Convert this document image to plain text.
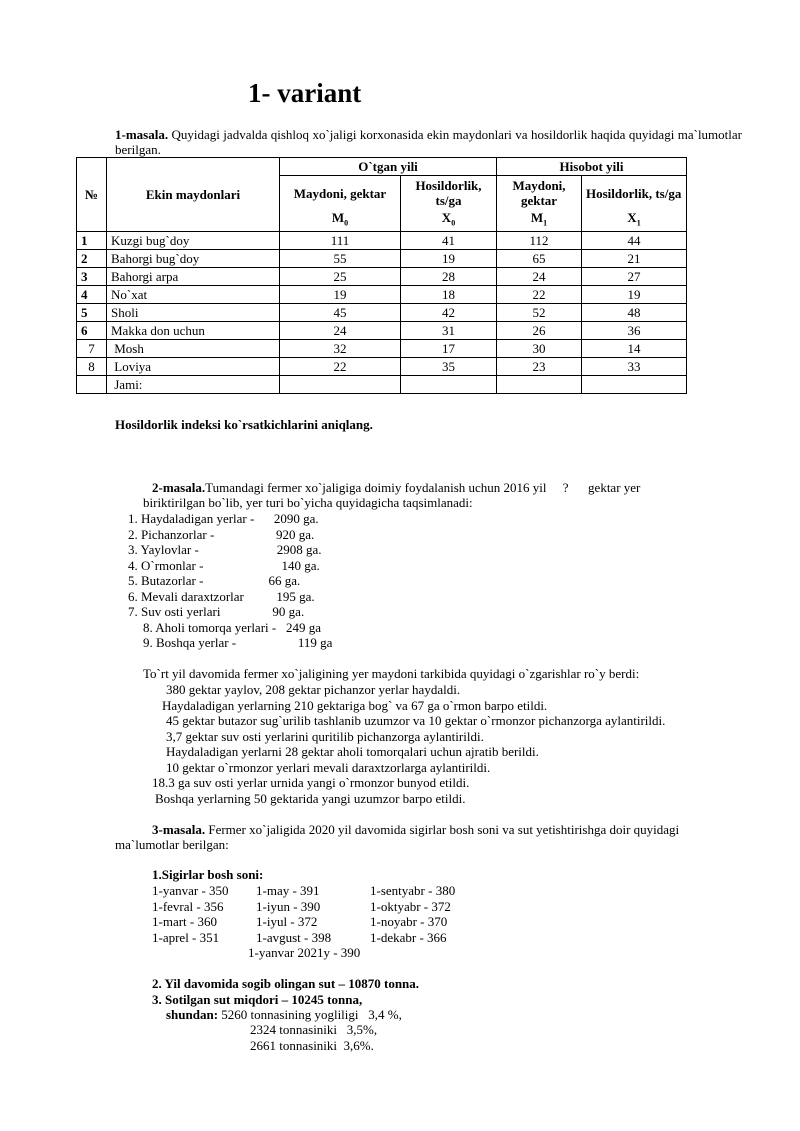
1- variant
1-masala. Quyidagi jadvalda qishloq xo`jaligi korxonasida ekin maydonlari va hosildorlik haqida quyidagi ma`lumotlar berilgan.
№	Ekin maydonlari	O`tgan yili		Hisobot yili	
		Maydoni, gektar	Hosildorlik, ts/ga	Maydoni, gektar	Hosildorlik, ts/ga
		$M_0$	$X_0$	$M_1$	$X_1$
1	Kuzgi bug`doy	111	41	112	44
2	Bahorgi bug`doy	55	19	65	21
3	Bahorgi arpa	25	28	24	27
4	No`xat	19	18	22	19
5	Sholi	45	42	52	48
6	Makka don uchun	24	31	26	36
7	Mosh	32	17	30	14
8	Loviya	22	35	23	33
	Jami:				
Hosildorlik indeksi ko`rsatkichlarini aniqlang.
2-masala.Tumandagi fermer xo`jaligiga doimiy foydalanish uchun 2016 yil     ?      gektar yer
biriktirilgan bo`lib, yer turi bo`yicha quyidagicha taqsimlanadi:
1. Haydaladigan yerlar -      2090 ga.
2. Pichanzorlar -                   920 ga.
3. Yaylovlar -                        2908 ga.
4. O`rmonlar -                        140 ga.
5. Butazorlar -                    66 ga.
6. Mevali daraxtzorlar          195 ga.
7. Suv osti yerlari                90 ga.
8. Aholi tomorqa yerlari -   249 ga
9. Boshqa yerlar -                   119 ga
To`rt yil davomida fermer xo`jaligining yer maydoni tarkibida quyidagi o`zgarishlar ro`y berdi:
380 gektar yaylov, 208 gektar pichanzor yerlar haydaldi.
Haydaladigan yerlarning 210 gektariga bog` va 67 ga o`rmon barpo etildi.
45 gektar butazor sug`urilib tashlanib uzumzor va 10 gektar o`rmonzor pichanzorga aylantirildi.
3,7 gektar suv osti yerlarini quritilib pichanzorga aylantirildi.
Haydaladigan yerlarni 28 gektar aholi tomorqalari uchun ajratib berildi.
10 gektar o`rmonzor yerlari mevali daraxtzorlarga aylantirildi.
18.3 ga suv osti yerlar urnida yangi o`rmonzor bunyod etildi.
Boshqa yerlarning 50 gektarida yangi uzumzor barpo etildi.
3-masala. Fermer xo`jaligida 2020 yil davomida sigirlar bosh soni va sut yetishtirishga doir quyidagi
ma`lumotlar berilgan:
1.Sigirlar bosh soni:
1-yanvar - 350 1-may - 391	1-sentyabr - 380
1-fevral - 356	1-iyun - 390	1-oktyabr - 372
1-mart - 360	1-iyul - 372	1-noyabr - 370
1-aprel - 351	1-avgust - 398	1-dekabr - 366
1-yanvar 2021y - 390
2. Yil davomida sogib olingan sut – 10870 tonna.
3. Sotilgan sut miqdori – 10245 tonna,
shundan: 5260 tonnasining yogliligi   3,4 %,
2324 tonnasiniki   3,5%,
2661 tonnasiniki  3,6%.
